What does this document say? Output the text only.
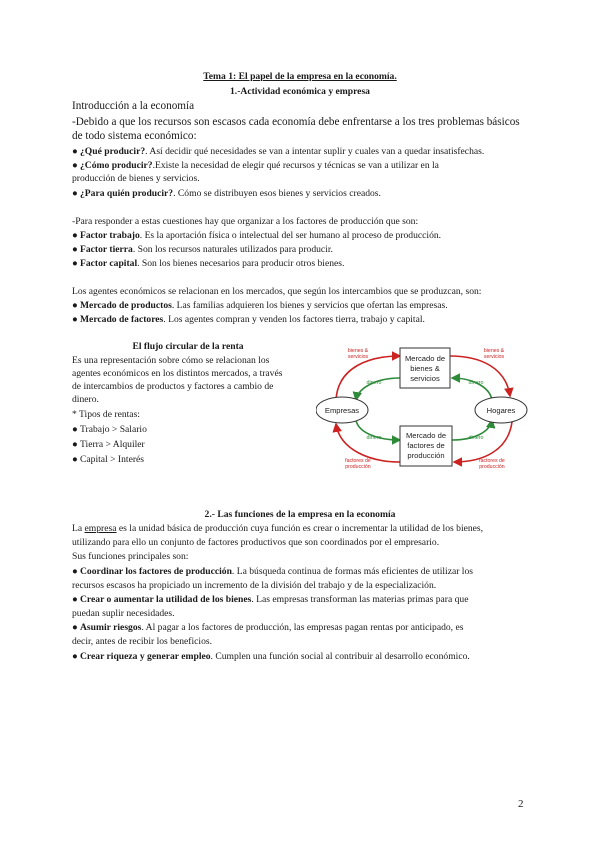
Tema 1: El papel de la empresa en la economía.
1.-Actividad económica y empresa
Introducción a la economía
-Debido a que los recursos son escasos cada economía debe enfrentarse a los tres problemas básicos
de todo sistema económico:
● ¿Qué producir?. Así decidir qué necesidades se van a intentar suplir y cuales van a quedar insatisfechas.
● ¿Cómo producir?.Existe la necesidad de elegir qué recursos y técnicas se van a utilizar en la
producción de bienes y servicios.
● ¿Para quién producir?. Cómo se distribuyen esos bienes y servicios creados.
-Para responder a estas cuestiones hay que organizar a los factores de producción que son:
● Factor trabajo. Es la aportación física o intelectual del ser humano al proceso de producción.
● Factor tierra. Son los recursos naturales utilizados para producir.
● Factor capital. Son los bienes necesarios para producir otros bienes.
Los agentes económicos se relacionan en los mercados, que según los intercambios que se produzcan, son:
● Mercado de productos. Las familias adquieren los bienes y servicios que ofertan las empresas.
● Mercado de factores. Los agentes compran y venden los factores tierra, trabajo y capital.
El flujo circular de la renta
Es una representación sobre cómo se relacionan los
agentes económicos en los distintos mercados, a través
de intercambios de productos y factores a cambio de
dinero.
* Tipos de rentas:
● Trabajo > Salario
● Tierra > Alquiler
● Capital > Interés
Mercado de
bienes &
servicios
Mercado de
factores de
producción
Empresas	Hogares
dinero	dinero
dinero	dinero
bienes &
servicios
bienes &
servicios
factores de
producción
factores de
producción
2.- Las funciones de la empresa en la economía
La empresa es la unidad básica de producción cuya función es crear o incrementar la utilidad de los bienes,
utilizando para ello un conjunto de factores productivos que son coordinados por el empresario.
Sus funciones principales son:
● Coordinar los factores de producción. La búsqueda continua de formas más eficientes de utilizar los
recursos escasos ha propiciado un incremento de la división del trabajo y de la especialización.
● Crear o aumentar la utilidad de los bienes. Las empresas transforman las materias primas para que
puedan suplir necesidades.
● Asumir riesgos. Al pagar a los factores de producción, las empresas pagan rentas por anticipado, es
decir, antes de recibir los beneficios.
● Crear riqueza y generar empleo. Cumplen una función social al contribuir al desarrollo económico.
2
